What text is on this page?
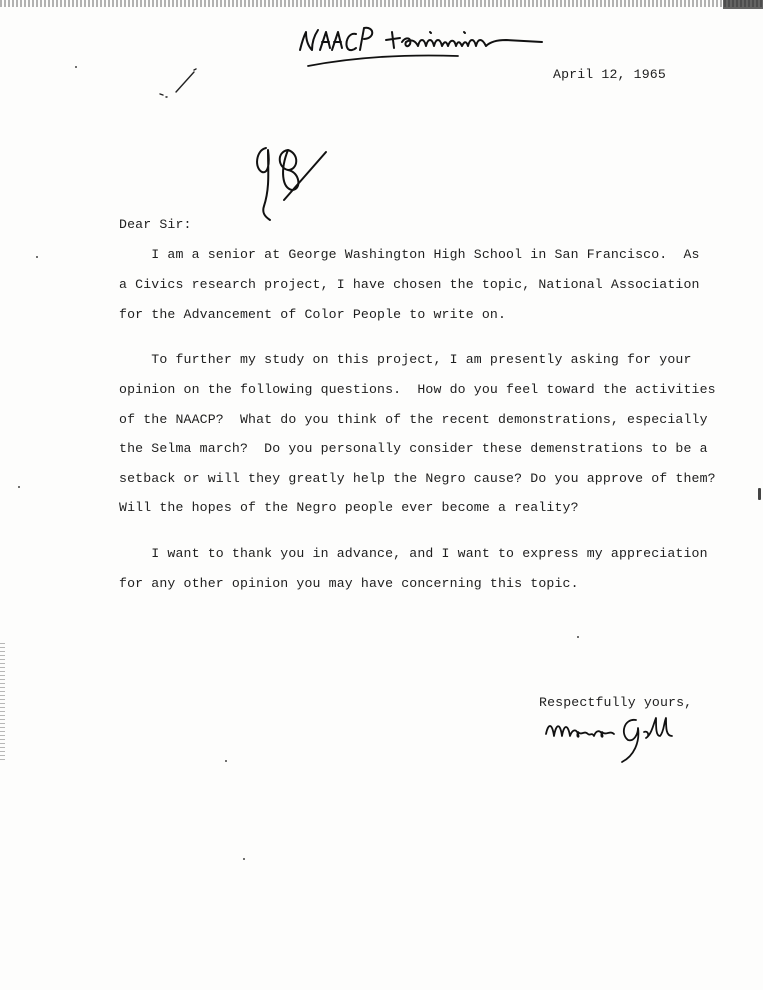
April 12, 1965
Dear Sir:
I am a senior at George Washington High School in San Francisco.  As
a Civics research project, I have chosen the topic, National Association
for the Advancement of Color People to write on.
To further my study on this project, I am presently asking for your
opinion on the following questions.  How do you feel toward the activities
of the NAACP?  What do you think of the recent demonstrations, especially
the Selma march?  Do you personally consider these demenstrations to be a
setback or will they greatly help the Negro cause? Do you approve of them?
Will the hopes of the Negro people ever become a reality?
I want to thank you in advance, and I want to express my appreciation
for any other opinion you may have concerning this topic.
Respectfully yours,
